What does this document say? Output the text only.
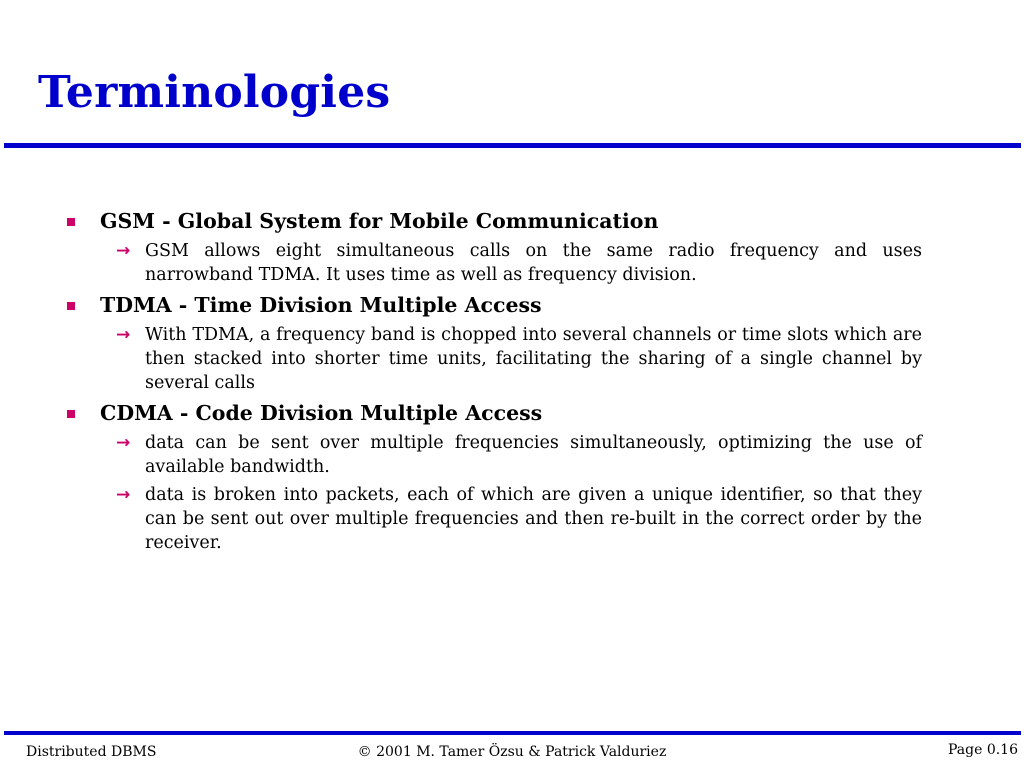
Terminologies
GSM - Global System for Mobile Communication
→ GSM allows eight simultaneous calls on the same radio frequency and uses narrowband TDMA. It uses time as well as frequency division.
TDMA - Time Division Multiple Access
→ With TDMA, a frequency band is chopped into several channels or time slots which are then stacked into shorter time units, facilitating the sharing of a single channel by several calls
CDMA - Code Division Multiple Access
→ data can be sent over multiple frequencies simultaneously, optimizing the use of available bandwidth.
→ data is broken into packets, each of which are given a unique identifier, so that they can be sent out over multiple frequencies and then re-built in the correct order by the receiver.
Distributed DBMS	© 2001 M. Tamer Özsu & Patrick Valduriez	Page 0.16
